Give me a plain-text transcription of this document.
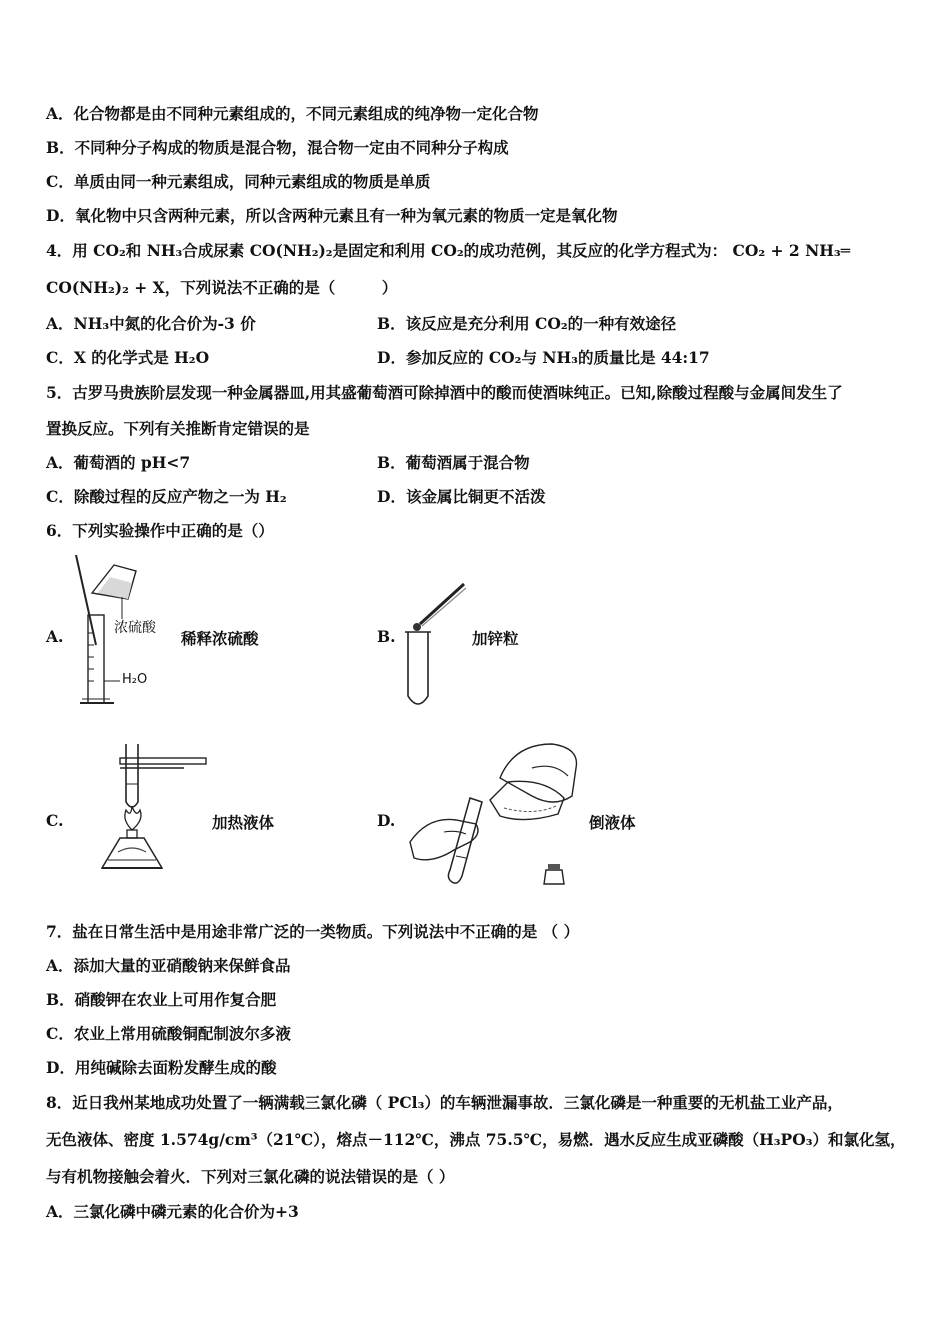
A．化合物都是由不同种元素组成的，不同元素组成的纯净物一定化合物
B．不同种分子构成的物质是混合物，混合物一定由不同种分子构成
C．单质由同一种元素组成，同种元素组成的物质是单质
D．氧化物中只含两种元素，所以含两种元素且有一种为氧元素的物质一定是氧化物
4．用 CO₂和 NH₃合成尿素 CO(NH₂)₂是固定和利用 CO₂的成功范例，其反应的化学方程式为： CO₂ + 2 NH₃═
CO(NH₂)₂ + X，下列说法不正确的是（　　　）
A．NH₃中氮的化合价为-3 价	B．该反应是充分利用 CO₂的一种有效途径
C．X 的化学式是 H₂O	D．参加反应的 CO₂与 NH₃的质量比是 44:17
5．古罗马贵族阶层发现一种金属器皿,用其盛葡萄酒可除掉酒中的酸而使酒味纯正。已知,除酸过程酸与金属间发生了
置换反应。下列有关推断肯定错误的是
A．葡萄酒的 pH<7	B．葡萄酒属于混合物
C．除酸过程的反应产物之一为 H₂	D．该金属比铜更不活泼
6．下列实验操作中正确的是（）
A.	浓硫酸
H₂O
稀释浓硫酸	B.	加锌粒
C.	加热液体	D.	倒液体
7．盐在日常生活中是用途非常广泛的一类物质。下列说法中不正确的是 （ ）
A．添加大量的亚硝酸钠来保鲜食品
B．硝酸钾在农业上可用作复合肥
C．农业上常用硫酸铜配制波尔多液
D．用纯碱除去面粉发酵生成的酸
8．近日我州某地成功处置了一辆满载三氯化磷（ PCl₃）的车辆泄漏事故．三氯化磷是一种重要的无机盐工业产品，
无色液体、密度 1.574g/cm³（21℃），熔点－112℃，沸点 75.5℃，易燃．遇水反应生成亚磷酸（H₃PO₃）和氯化氢，
与有机物接触会着火．下列对三氯化磷的说法错误的是（ ）
A．三氯化磷中磷元素的化合价为+3
